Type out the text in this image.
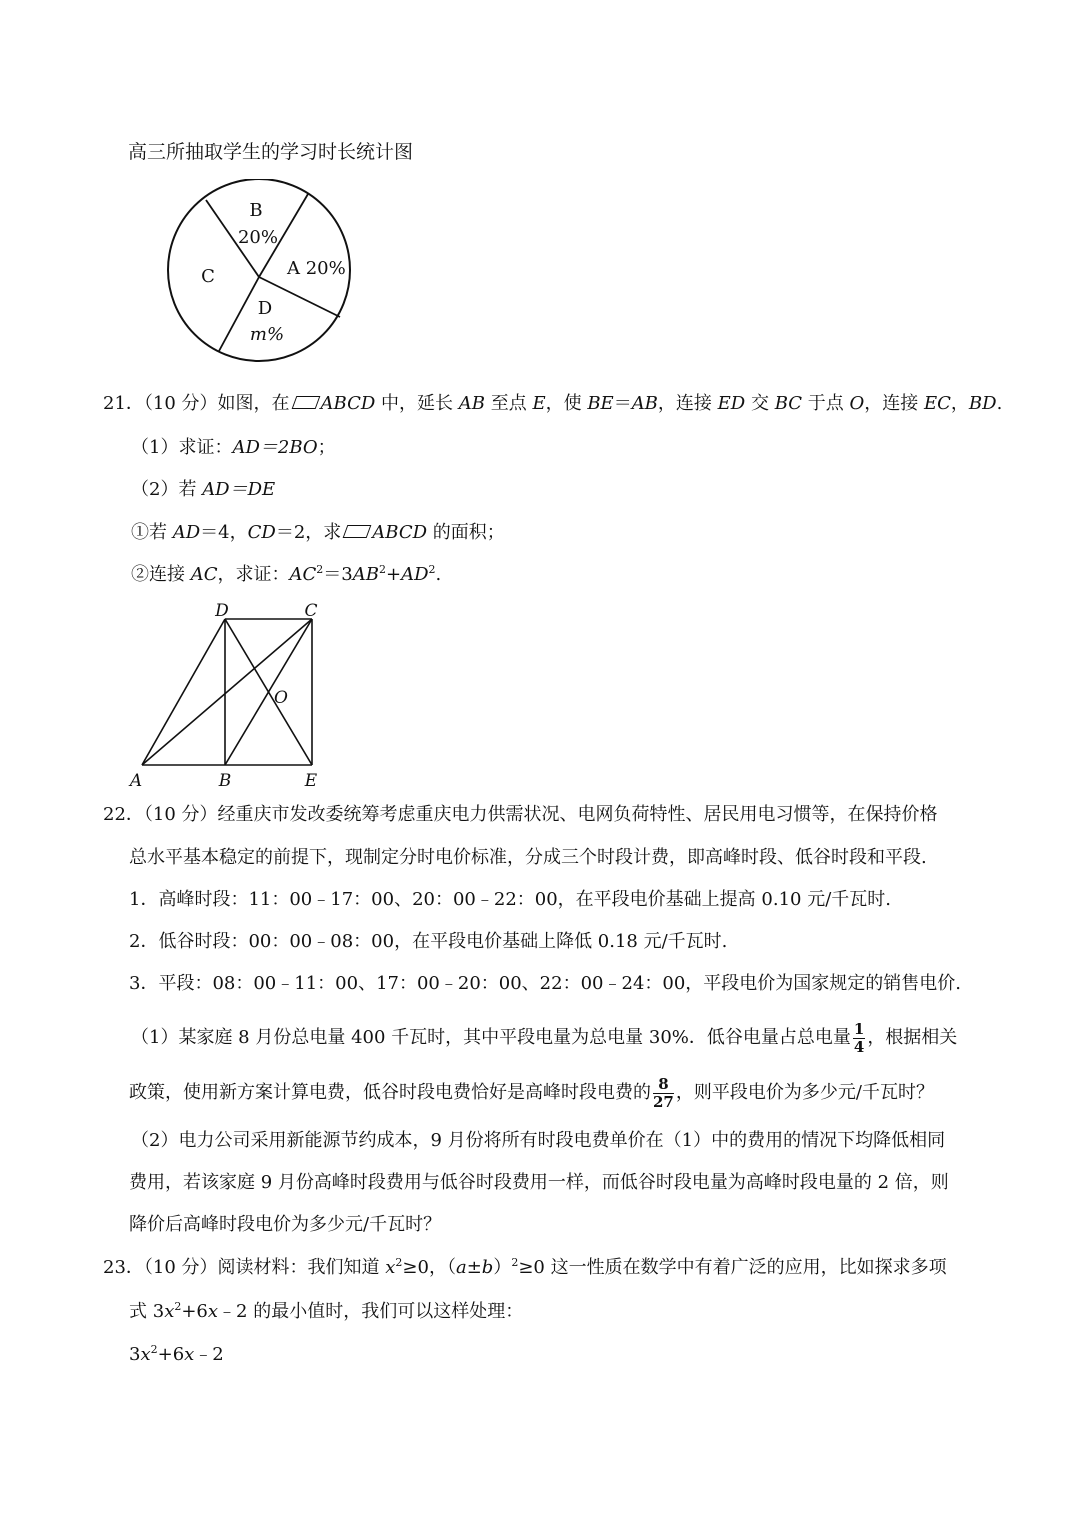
高三所抽取学生的学习时长统计图
B
20%
A 20%
C
D
m%
21．（10 分）如图，在 ABCD 中，延长 AB 至点 E，使 BE＝AB，连接 ED 交 BC 于点 O，连接 EC，BD.
（1）求证：AD＝2BO；
（2）若 AD＝DE
①若 AD＝4，CD＝2，求 ABCD 的面积；
②连接 AC，求证：$AC^2=3AB^2+AD^2$.
D	C
O
A	B	E
22．（10 分）经重庆市发改委统筹考虑重庆电力供需状况、电网负荷特性、居民用电习惯等，在保持价格
总水平基本稳定的前提下，现制定分时电价标准，分成三个时段计费，即高峰时段、低谷时段和平段.
1．高峰时段：11：00﹣17：00、20：00﹣22：00，在平段电价基础上提高 0.10 元/千瓦时.
2．低谷时段：00：00﹣08：00，在平段电价基础上降低 0.18 元/千瓦时.
3．平段：08：00﹣11：00、17：00﹣20：00、22：00﹣24：00，平段电价为国家规定的销售电价.
（1）某家庭 8 月份总电量 400 千瓦时，其中平段电量为总电量 30%．低谷电量占总电量 $\frac{1}{4}$ ，根据相关
政策，使用新方案计算电费，低谷时段电费恰好是高峰时段电费的 $\frac{8}{27}$ ，则平段电价为多少元/千瓦时？
（2）电力公司采用新能源节约成本，9 月份将所有时段电费单价在（1）中的费用的情况下均降低相同
费用，若该家庭 9 月份高峰时段费用与低谷时段费用一样，而低谷时段电量为高峰时段电量的 2 倍，则
降价后高峰时段电价为多少元/千瓦时？
23．（10 分）阅读材料：我们知道 $x^2\ge 0$，$(a\pm b)^2\ge 0$ 这一性质在数学中有着广泛的应用，比如探求多项
式 $3x^2+6x﹣2$ 的最小值时，我们可以这样处理：
$3x^2+6x﹣2$
